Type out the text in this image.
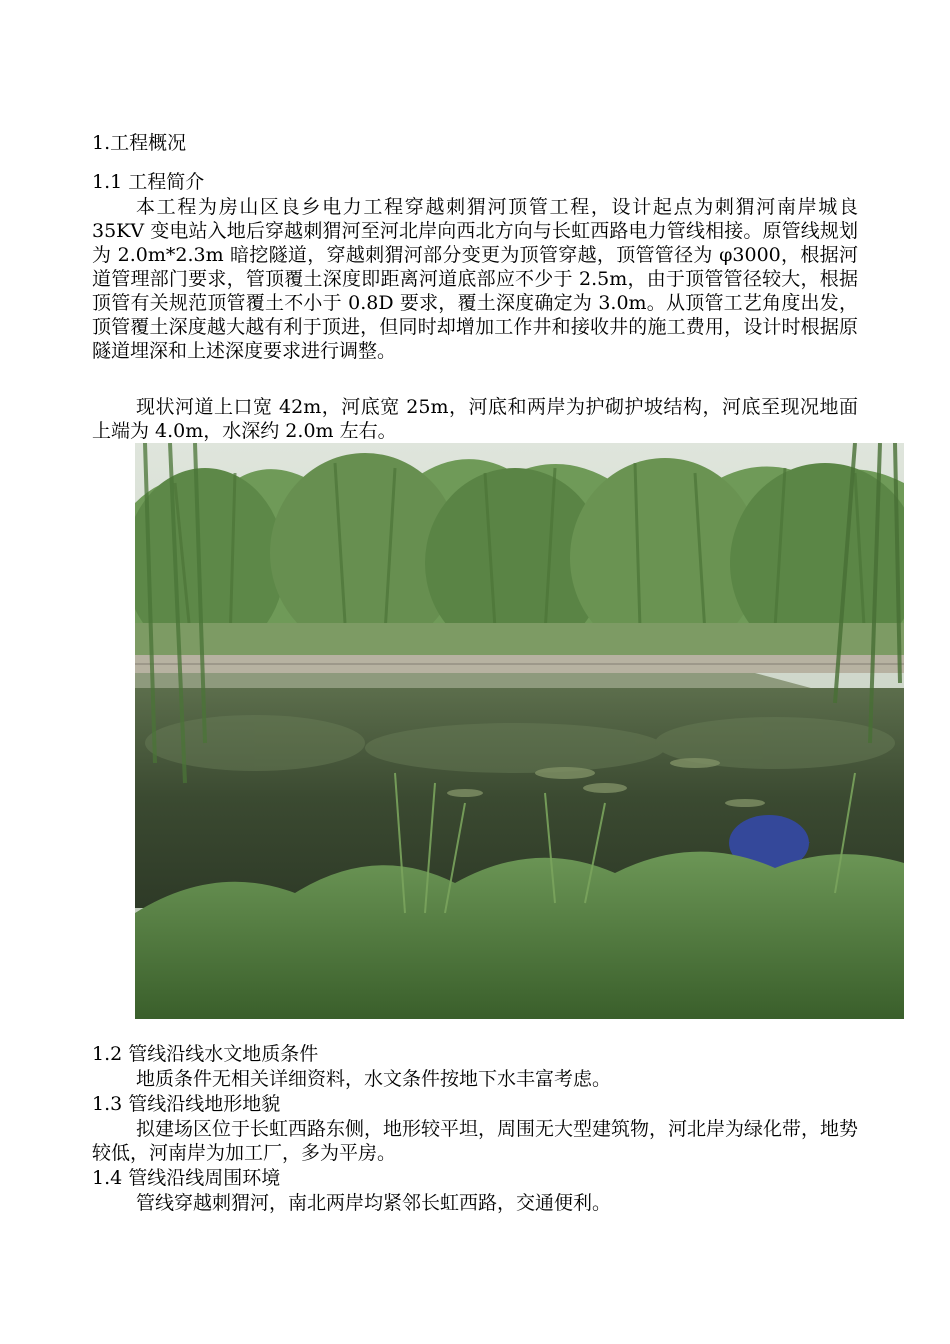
1.工程概况
1.1 工程简介
本工程为房山区良乡电力工程穿越刺猬河顶管工程，设计起点为刺猬河南岸城良 35KV 变电站入地后穿越刺猬河至河北岸向西北方向与长虹西路电力管线相接。原管线规划为 2.0m*2.3m 暗挖隧道，穿越刺猬河部分变更为顶管穿越，顶管管径为 φ3000，根据河道管理部门要求，管顶覆土深度即距离河道底部应不少于 2.5m，由于顶管管径较大，根据顶管有关规范顶管覆土不小于 0.8D 要求，覆土深度确定为 3.0m。从顶管工艺角度出发，顶管覆土深度越大越有利于顶进，但同时却增加工作井和接收井的施工费用，设计时根据原隧道埋深和上述深度要求进行调整。
现状河道上口宽 42m，河底宽 25m，河底和两岸为护砌护坡结构，河底至现况地面上端为 4.0m，水深约 2.0m 左右。
1.2 管线沿线水文地质条件
地质条件无相关详细资料，水文条件按地下水丰富考虑。
1.3 管线沿线地形地貌
拟建场区位于长虹西路东侧，地形较平坦，周围无大型建筑物，河北岸为绿化带，地势较低，河南岸为加工厂，多为平房。
1.4 管线沿线周围环境
管线穿越刺猬河，南北两岸均紧邻长虹西路，交通便利。
